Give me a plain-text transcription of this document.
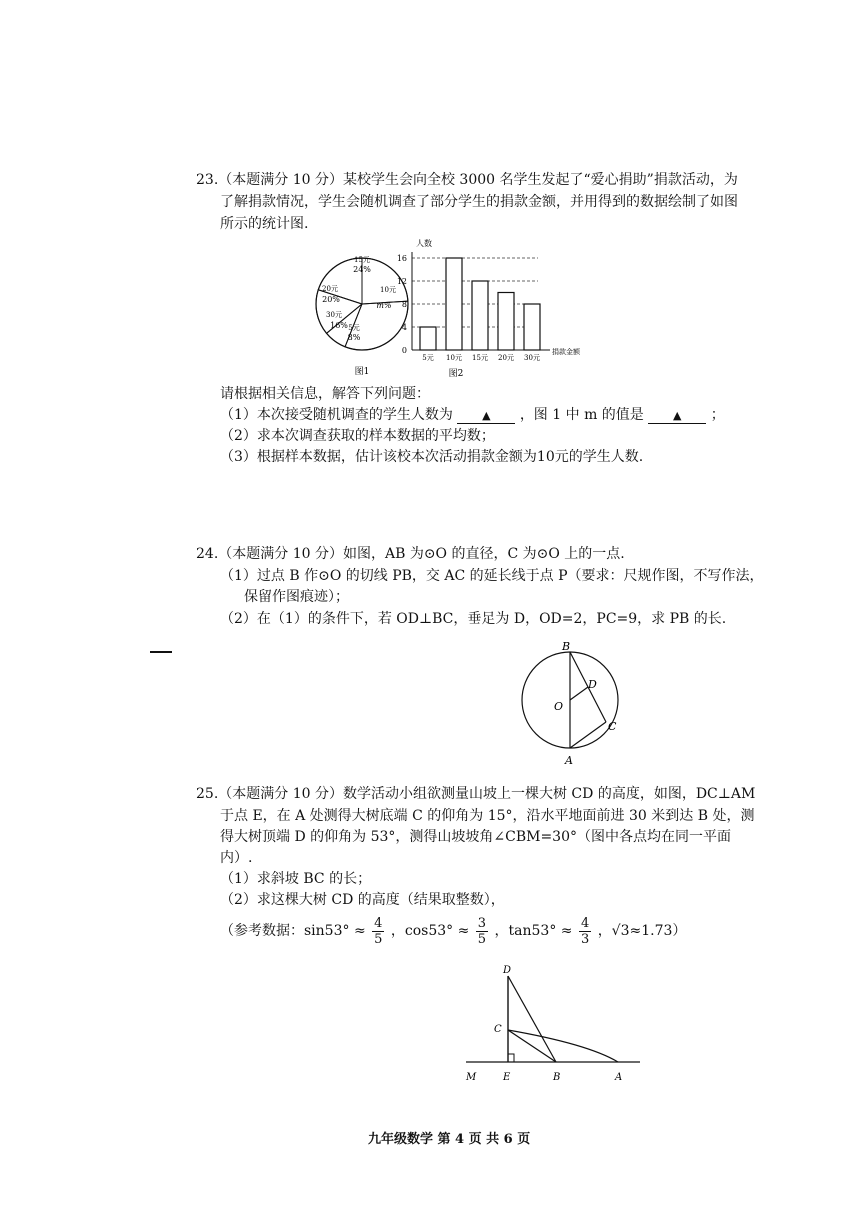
23.（本题满分 10 分）某校学生会向全校 3000 名学生发起了“爱心捐助”捐款活动，为
了解捐款情况，学生会随机调查了部分学生的捐款金额，并用得到的数据绘制了如图
所示的统计图.
15元
24%
10元
m%
5元
8%
30元
16%
20元
20%
图1
人数
0
4
8
12
16
5元 10元 15元 20元 30元
捐款金额
图2
请根据相关信息，解答下列问题：
（1）本次接受随机调查的学生人数为	▲ ，图 1 中 m 的值是	▲ ；
（2）求本次调查获取的样本数据的平均数；
（3）根据样本数据，估计该校本次活动捐款金额为10元的学生人数.
24.（本题满分 10 分）如图，AB 为⊙O 的直径，C 为⊙O 上的一点.
（1）过点 B 作⊙O 的切线 PB，交 AC 的延长线于点 P（要求：尺规作图，不写作法，
保留作图痕迹）；
（2）在（1）的条件下，若 OD⊥BC，垂足为 D，OD=2，PC=9，求 PB 的长.
B
D
O
C
A
25.（本题满分 10 分）数学活动小组欲测量山坡上一棵大树 CD 的高度，如图，DC⊥AM
于点 E，在 A 处测得大树底端 C 的仰角为 15°，沿水平地面前进 30 米到达 B 处，测
得大树顶端 D 的仰角为 53°，测得山坡坡角∠CBM=30°（图中各点均在同一平面
内）.
（1）求斜坡 BC 的长；
（2）求这棵大树 CD 的高度（结果取整数），
（参考数据：$\sin 53^\circ \approx \frac{4}{5}$ ，$\cos 53^\circ \approx \frac{3}{5}$ ，$\tan 53^\circ \approx \frac{4}{3}$ ，√3≈1.73）
D
C
M	E	B	A
九年级数学 第 4 页 共 6 页
